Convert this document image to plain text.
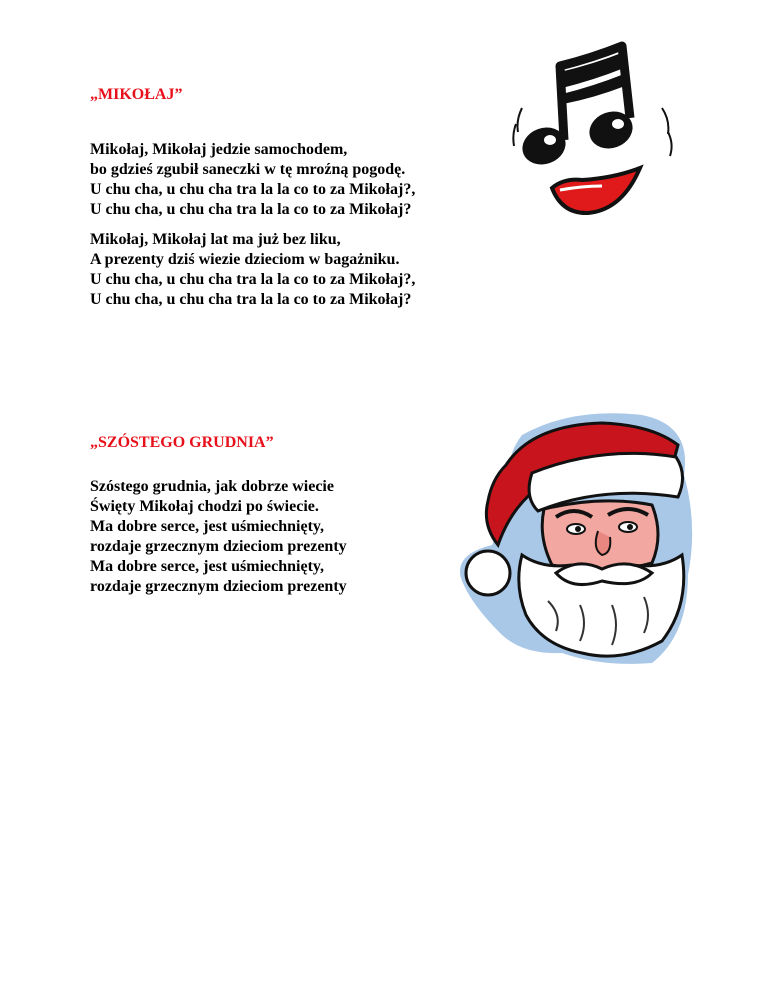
„MIKOŁAJ”

Mikołaj, Mikołaj jedzie samochodem,
bo gdzieś zgubił saneczki w tę mroźną pogodę.
U chu cha, u chu cha tra la la co to za Mikołaj?,
U chu cha, u chu cha tra la la co to za Mikołaj?

Mikołaj, Mikołaj lat ma już bez liku,
A prezenty dziś wiezie dzieciom w bagażniku.
U chu cha, u chu cha tra la la co to za Mikołaj?,
U chu cha, u chu cha tra la la co to za Mikołaj?

„SZÓSTEGO GRUDNIA”

Szóstego grudnia, jak dobrze wiecie
Święty Mikołaj chodzi po świecie.
Ma dobre serce, jest uśmiechnięty,
rozdaje grzecznym dzieciom prezenty
Ma dobre serce, jest uśmiechnięty,
rozdaje grzecznym dzieciom prezenty
